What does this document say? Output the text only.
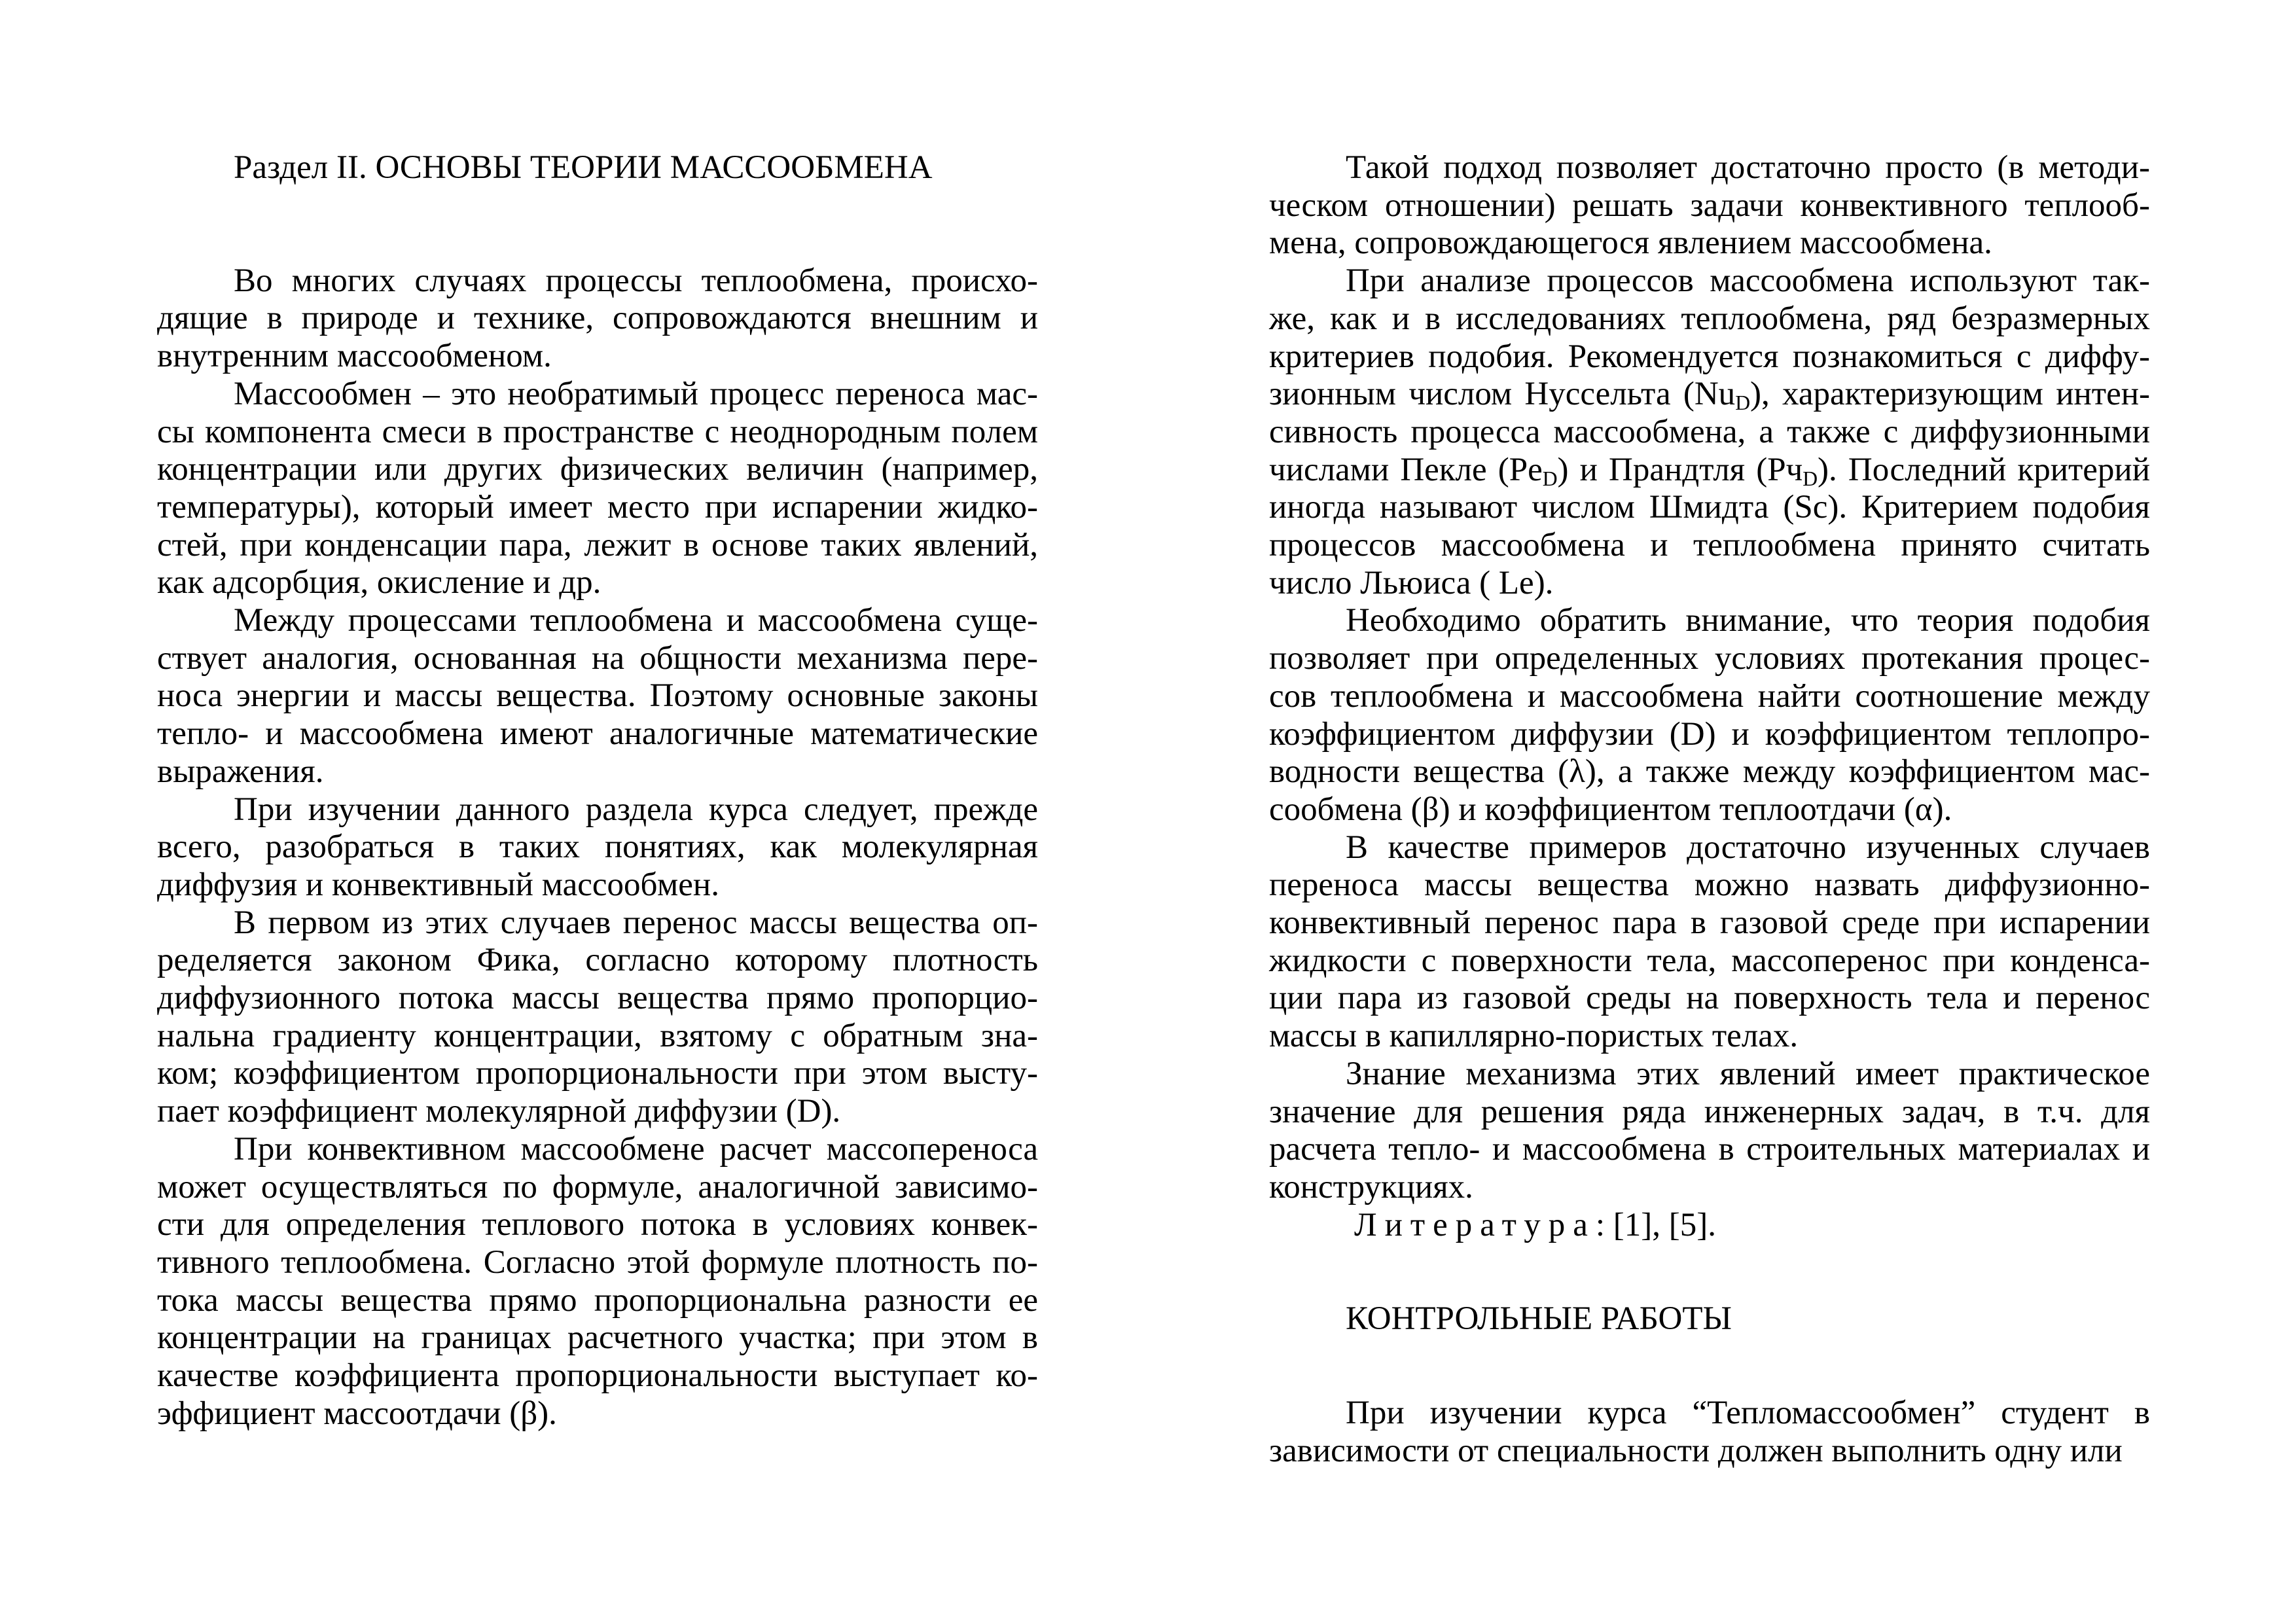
Раздел II. ОСНОВЫ ТЕОРИИ МАССООБМЕНА

Во многих случаях процессы теплообмена, происхо-дящие в природе и технике, сопровождаются внешним и внутренним массообменом.

Массообмен – это необратимый процесс переноса мас-сы компонента смеси в пространстве с неоднородным полем концентрации или других физических величин (например, температуры), который имеет место при испарении жидко-стей, при конденсации пара, лежит в основе таких явлений, как адсорбция, окисление и др.

Между процессами теплообмена и массообмена суще-ствует аналогия, основанная на общности механизма пере-носа энергии и массы вещества. Поэтому основные законы тепло- и массообмена имеют аналогичные математические выражения.

При изучении данного раздела курса следует, прежде всего, разобраться в таких понятиях, как молекулярная диффузия и конвективный массообмен.

В первом из этих случаев перенос массы вещества оп-ределяется законом Фика, согласно которому плотность диффузионного потока массы вещества прямо пропорцио-нальна градиенту концентрации, взятому с обратным зна-ком; коэффициентом пропорциональности при этом высту-пает коэффициент молекулярной диффузии (D).

При конвективном массообмене расчет массопереноса может осуществляться по формуле, аналогичной зависимо-сти для определения теплового потока в условиях конвек-тивного теплообмена. Согласно этой формуле плотность по-тока массы вещества прямо пропорциональна разности ее концентрации на границах расчетного участка; при этом в качестве коэффициента пропорциональности выступает ко-эффициент массоотдачи (β).

Такой подход позволяет достаточно просто (в методи-ческом отношении) решать задачи конвективного теплооб-мена, сопровождающегося явлением массообмена.

При анализе процессов массообмена используют так-же, как и в исследованиях теплообмена, ряд безразмерных критериев подобия. Рекомендуется познакомиться с диффу-зионным числом Нуссельта $(Nu_D)$, характеризующим интен-сивность процесса массообмена, а также с диффузионными числами Пекле $(Pe_D)$ и Прандтля $(Рч_D)$. Последний критерий иногда называют числом Шмидта (Sc). Критерием подобия процессов массообмена и теплообмена принято считать число Льюиса ( Le).

Необходимо обратить внимание, что теория подобия позволяет при определенных условиях протекания процес-сов теплообмена и массообмена найти соотношение между коэффициентом диффузии (D) и коэффициентом теплопро-водности вещества (λ), а также между коэффициентом мас-сообмена (β) и коэффициентом теплоотдачи (α).

В качестве примеров достаточно изученных случаев переноса массы вещества можно назвать диффузионно-конвективный перенос пара в газовой среде при испарении жидкости с поверхности тела, массоперенос при конденса-ции пара из газовой среды на поверхность тела и перенос массы в капиллярно-пористых телах.

Знание механизма этих явлений имеет практическое значение для решения ряда инженерных задач, в т.ч. для расчета тепло- и массообмена в строительных материалах и конструкциях.

Литература: [1], [5].

КОНТРОЛЬНЫЕ РАБОТЫ

При изучении курса “Тепломассообмен” студент в зависимости от специальности должен выполнить одну или
